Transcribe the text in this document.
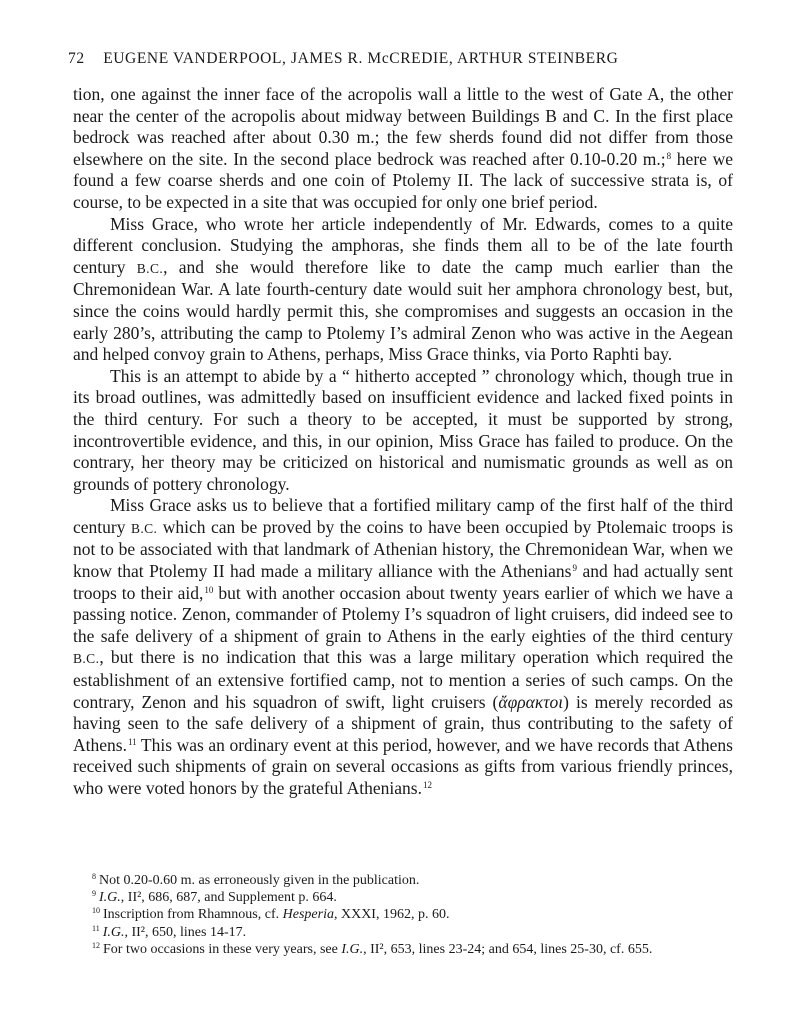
72 EUGENE VANDERPOOL, JAMES R. McCREDIE, ARTHUR STEINBERG

tion, one against the inner face of the acropolis wall a little to the west of Gate A, the other near the center of the acropolis about midway between Buildings B and C. In the first place bedrock was reached after about 0.30 m.; the few sherds found did not differ from those elsewhere on the site. In the second place bedrock was reached after 0.10-0.20 m.;$^8$ here we found a few coarse sherds and one coin of Ptolemy II. The lack of successive strata is, of course, to be expected in a site that was occupied for only one brief period.

Miss Grace, who wrote her article independently of Mr. Edwards, comes to a quite different conclusion. Studying the amphoras, she finds them all to be of the late fourth century B.C., and she would therefore like to date the camp much earlier than the Chremonidean War. A late fourth-century date would suit her amphora chronology best, but, since the coins would hardly permit this, she compromises and suggests an occasion in the early 280’s, attributing the camp to Ptolemy I’s admiral Zenon who was active in the Aegean and helped convoy grain to Athens, perhaps, Miss Grace thinks, via Porto Raphti bay.

This is an attempt to abide by a “ hitherto accepted ” chronology which, though true in its broad outlines, was admittedly based on insufficient evidence and lacked fixed points in the third century. For such a theory to be accepted, it must be supported by strong, incontrovertible evidence, and this, in our opinion, Miss Grace has failed to produce. On the contrary, her theory may be criticized on historical and numismatic grounds as well as on grounds of pottery chronology.

Miss Grace asks us to believe that a fortified military camp of the first half of the third century B.C. which can be proved by the coins to have been occupied by Ptolemaic troops is not to be associated with that landmark of Athenian history, the Chremonidean War, when we know that Ptolemy II had made a military alliance with the Athenians$^9$ and had actually sent troops to their aid,$^{10}$ but with another occasion about twenty years earlier of which we have a passing notice. Zenon, commander of Ptolemy I’s squadron of light cruisers, did indeed see to the safe delivery of a shipment of grain to Athens in the early eighties of the third century B.C., but there is no indication that this was a large military operation which required the establishment of an extensive fortified camp, not to mention a series of such camps. On the contrary, Zenon and his squadron of swift, light cruisers (ἄφρακτοι) is merely recorded as having seen to the safe delivery of a shipment of grain, thus contributing to the safety of Athens.$^{11}$ This was an ordinary event at this period, however, and we have records that Athens received such shipments of grain on several occasions as gifts from various friendly princes, who were voted honors by the grateful Athenians.$^{12}$

$^8$ Not 0.20-0.60 m. as erroneously given in the publication.

$^9$ I.G., II², 686, 687, and Supplement p. 664.

$^{10}$ Inscription from Rhamnous, cf. Hesperia, XXXI, 1962, p. 60.

$^{11}$ I.G., II², 650, lines 14-17.

$^{12}$ For two occasions in these very years, see I.G., II², 653, lines 23-24; and 654, lines 25-30, cf. 655.
